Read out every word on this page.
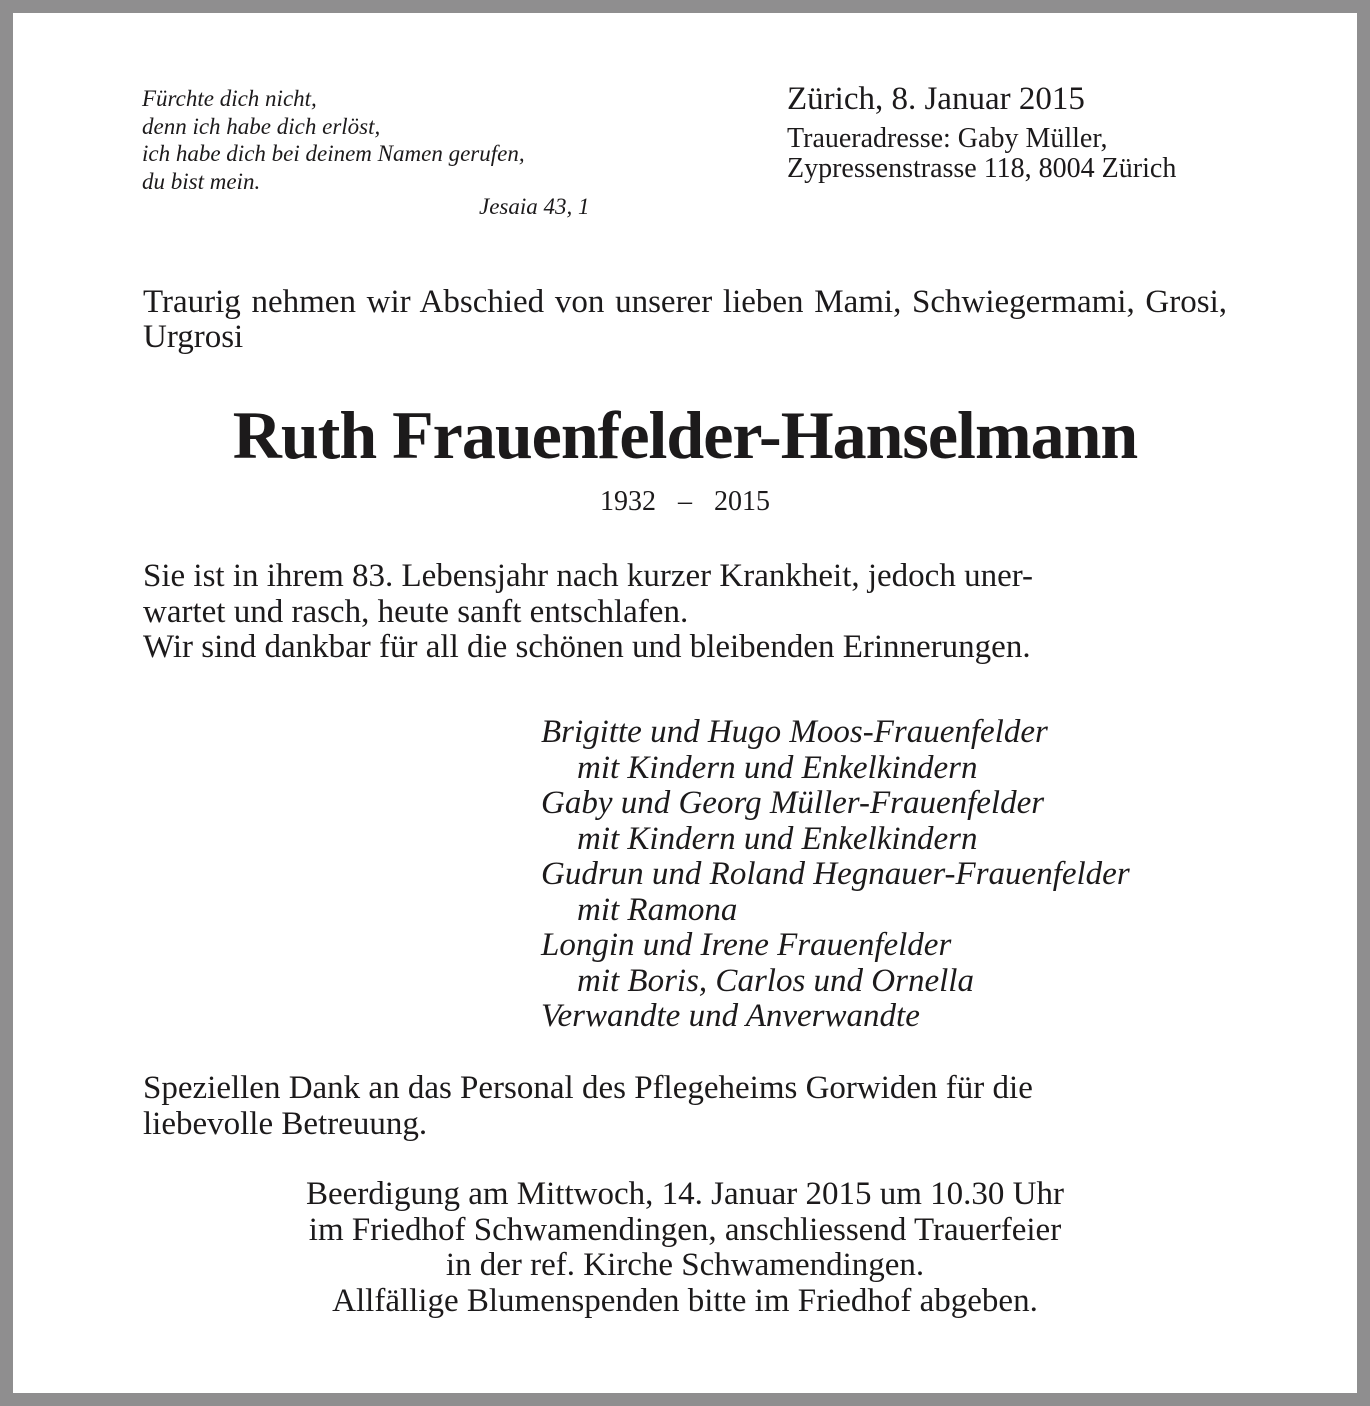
Fürchte dich nicht,
denn ich habe dich erlöst,
ich habe dich bei deinem Namen gerufen,
du bist mein.
Jesaia 43, 1
Zürich, 8. Januar 2015
Traueradresse: Gaby Müller,
Zypressenstrasse 118, 8004 Zürich

Traurig nehmen wir Abschied von unserer lieben Mami, Schwiegermami, Grosi, Urgrosi

Ruth Frauenfelder-Hanselmann
1932 – 2015
Sie ist in ihrem 83. Lebensjahr nach kurzer Krankheit, jedoch uner-
wartet und rasch, heute sanft entschlafen.
Wir sind dankbar für all die schönen und bleibenden Erinnerungen.
Brigitte und Hugo Moos-Frauenfelder
mit Kindern und Enkelkindern
Gaby und Georg Müller-Frauenfelder
mit Kindern und Enkelkindern
Gudrun und Roland Hegnauer-Frauenfelder
mit Ramona
Longin und Irene Frauenfelder
mit Boris, Carlos und Ornella
Verwandte und Anverwandte
Speziellen Dank an das Personal des Pflegeheims Gorwiden für die
liebevolle Betreuung.
Beerdigung am Mittwoch, 14. Januar 2015 um 10.30 Uhr
im Friedhof Schwamendingen, anschliessend Trauerfeier
in der ref. Kirche Schwamendingen.
Allfällige Blumenspenden bitte im Friedhof abgeben.
